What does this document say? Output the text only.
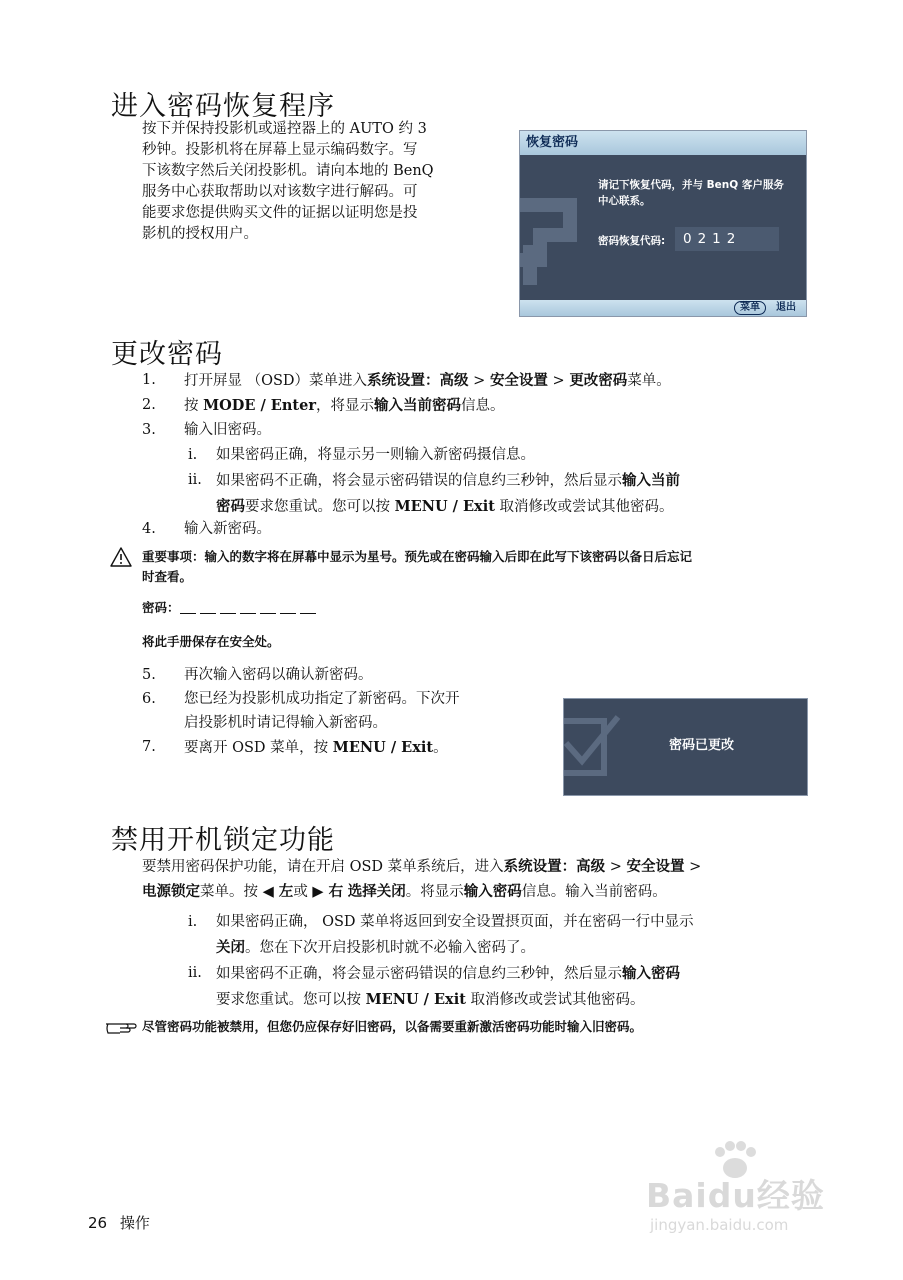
进入密码恢复程序
按下并保持投影机或遥控器上的 AUTO 约 3
秒钟。投影机将在屏幕上显示编码数字。写
下该数字然后关闭投影机。请向本地的 BenQ
服务中心获取帮助以对该数字进行解码。可
能要求您提供购买文件的证据以证明您是投
影机的授权用户。
恢复密码
请记下恢复代码，并与 BenQ 客户服务
中心联系。
密码恢复代码:	0212
菜单	退出
更改密码
1.	打开屏显 （OSD）菜单进入系统设置：高级 > 安全设置 > 更改密码菜单。
2.	按 MODE / Enter，将显示输入当前密码信息。
3.	输入旧密码。
i.	如果密码正确，将显示另一则输入新密码摄信息。
ii. 如果密码不正确，将会显示密码错误的信息约三秒钟，然后显示输入当前
密码要求您重试。您可以按 MENU / Exit 取消修改或尝试其他密码。
4.	输入新密码。
重要事项：输入的数字将在屏幕中显示为星号。预先或在密码输入后即在此写下该密码以备日后忘记
时查看。
密码：
将此手册保存在安全处。
5.	再次输入密码以确认新密码。
6.	您已经为投影机成功指定了新密码。下次开
启投影机时请记得输入新密码。
7.	要离开 OSD 菜单，按 MENU / Exit。	密码已更改
禁用开机锁定功能
要禁用密码保护功能，请在开启 OSD 菜单系统后，进入系统设置：高级 > 安全设置 >
电源锁定菜单。按 ◀ 左或 ▶ 右 选择关闭。将显示输入密码信息。输入当前密码。
i.	如果密码正确， OSD 菜单将返回到安全设置摂页面，并在密码一行中显示
关闭。您在下次开启投影机时就不必输入密码了。
ii. 如果密码不正确，将会显示密码错误的信息约三秒钟，然后显示输入密码
要求您重试。您可以按 MENU / Exit 取消修改或尝试其他密码。
尽管密码功能被禁用，但您仍应保存好旧密码，以备需要重新激活密码功能时输入旧密码。
Baidu经验
jingyan.baidu.com
26 操作
